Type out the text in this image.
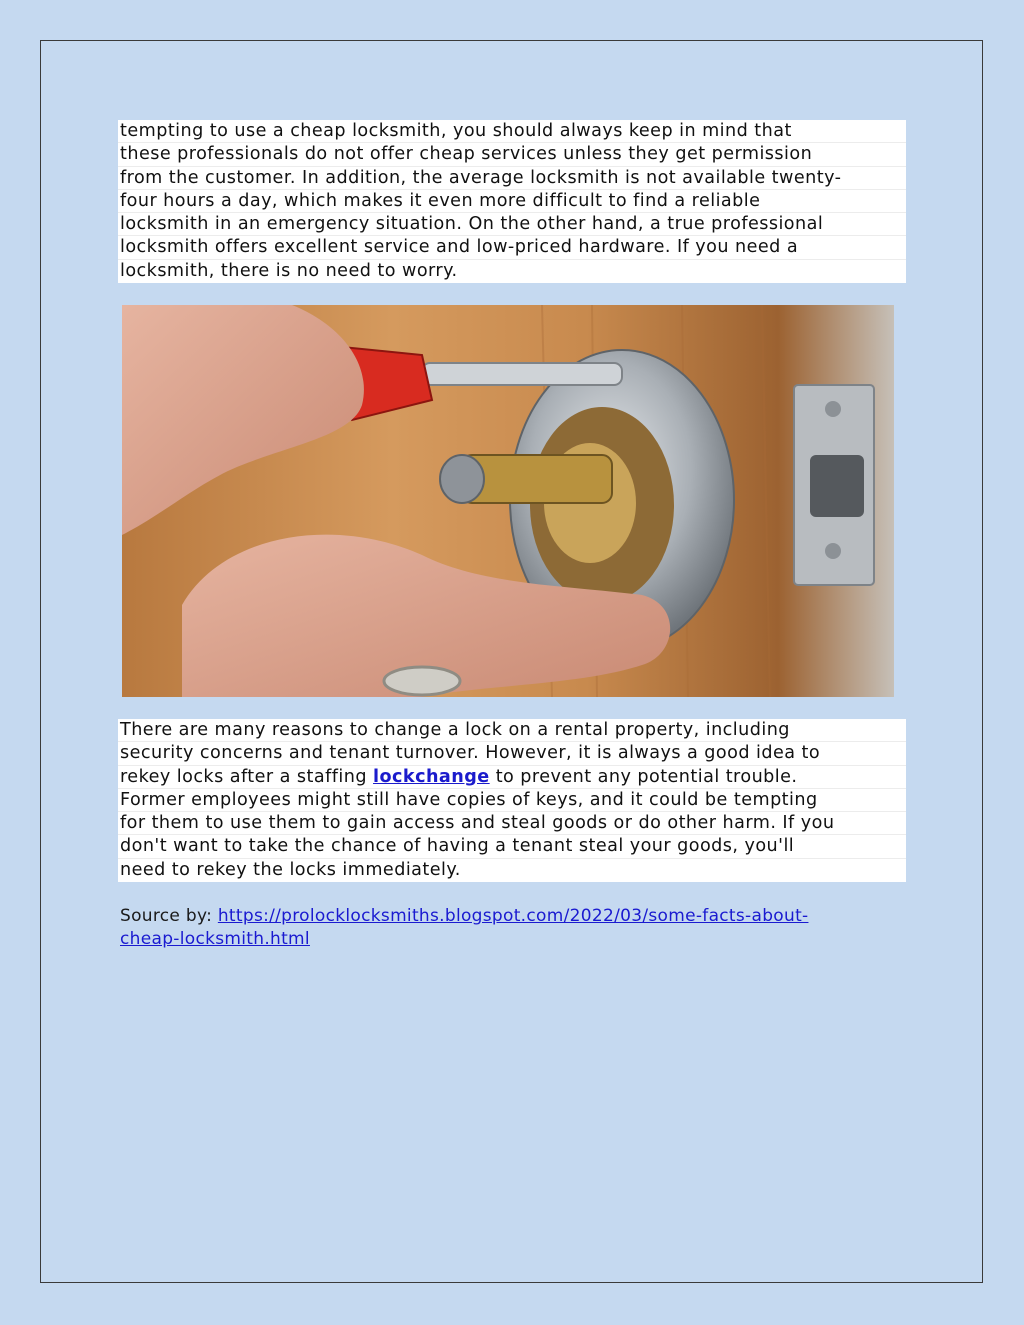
tempting to use a cheap locksmith, you should always keep in mind that
these professionals do not offer cheap services unless they get permission
from the customer. In addition, the average locksmith is not available twenty-
four hours a day, which makes it even more difficult to find a reliable
locksmith in an emergency situation. On the other hand, a true professional
locksmith offers excellent service and low-priced hardware. If you need a
locksmith, there is no need to worry.
There are many reasons to change a lock on a rental property, including
security concerns and tenant turnover. However, it is always a good idea to
rekey locks after a staffing lockchange to prevent any potential trouble.
Former employees might still have copies of keys, and it could be tempting
for them to use them to gain access and steal goods or do other harm. If you
don't want to take the chance of having a tenant steal your goods, you'll
need to rekey the locks immediately.
Source by: https://prolocklocksmiths.blogspot.com/2022/03/some-facts-about-
cheap-locksmith.html
